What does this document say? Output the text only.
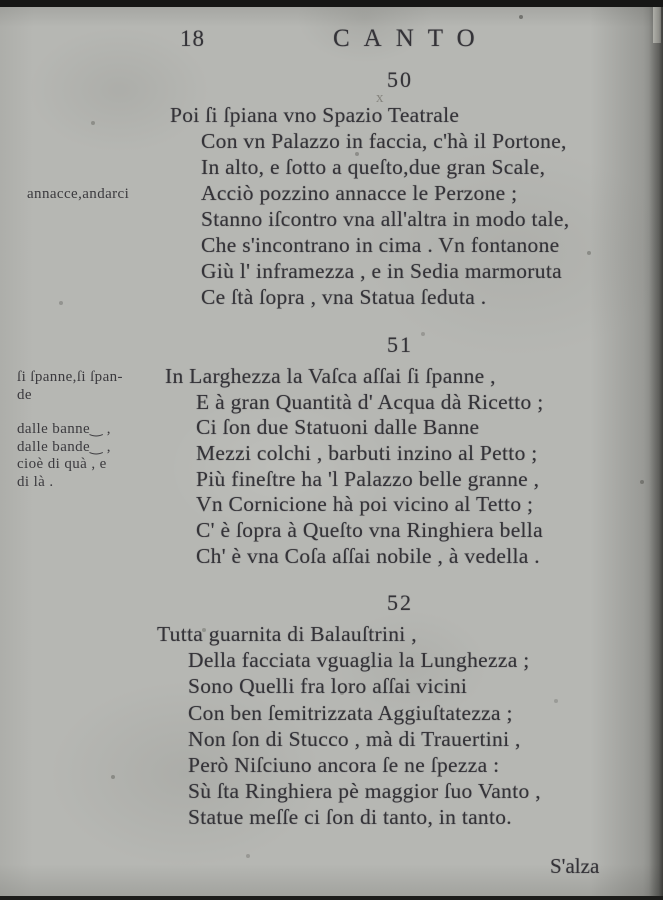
18	CANTO
50
x
Poi ſi ſpiana vno Spazio Teatrale
Con vn Palazzo in faccia, c'hà il Portone,
In alto, e ſotto a queſto,due gran Scale,
Acciò pozzino annacce le Perzone ;
Stanno iſcontro vna all'altra in modo tale,
Che s'incontrano in cima . Vn fontanone
Giù l' inframezza , e in Sedia marmoruta
Ce ſtà ſopra , vna Statua ſeduta .
annacce,andarci
51
In Larghezza la Vaſca aſſai ſi ſpanne ,
E à gran Quantità d' Acqua dà Ricetto ;
Ci ſon due Statuoni dalle Banne
Mezzi colchi , barbuti inzino al Petto ;
Più fineſtre ha 'l Palazzo belle granne ,
Vn Cornicione hà poi vicino al Tetto ;
C' è ſopra à Queſto vna Ringhiera bella
Ch' è vna Coſa aſſai nobile , à vedella .
ſi ſpanne,ſi ſpan-
de
dalle banne‿ ,
dalle bande‿ ,
cioè di quà , e
di là .
52
Tutta guarnita di Balauſtrini ,
Della facciata vguaglia la Lunghezza ;
Sono Quelli fra loro aſſai vicini
Con ben ſemitrizzata Aggiuſtatezza ;
Non ſon di Stucco , mà di Trauertini ,
Però Niſciuno ancora ſe ne ſpezza :
Sù ſta Ringhiera pè maggior ſuo Vanto ,
Statue meſſe ci ſon di tanto, in tanto.
S'alza
